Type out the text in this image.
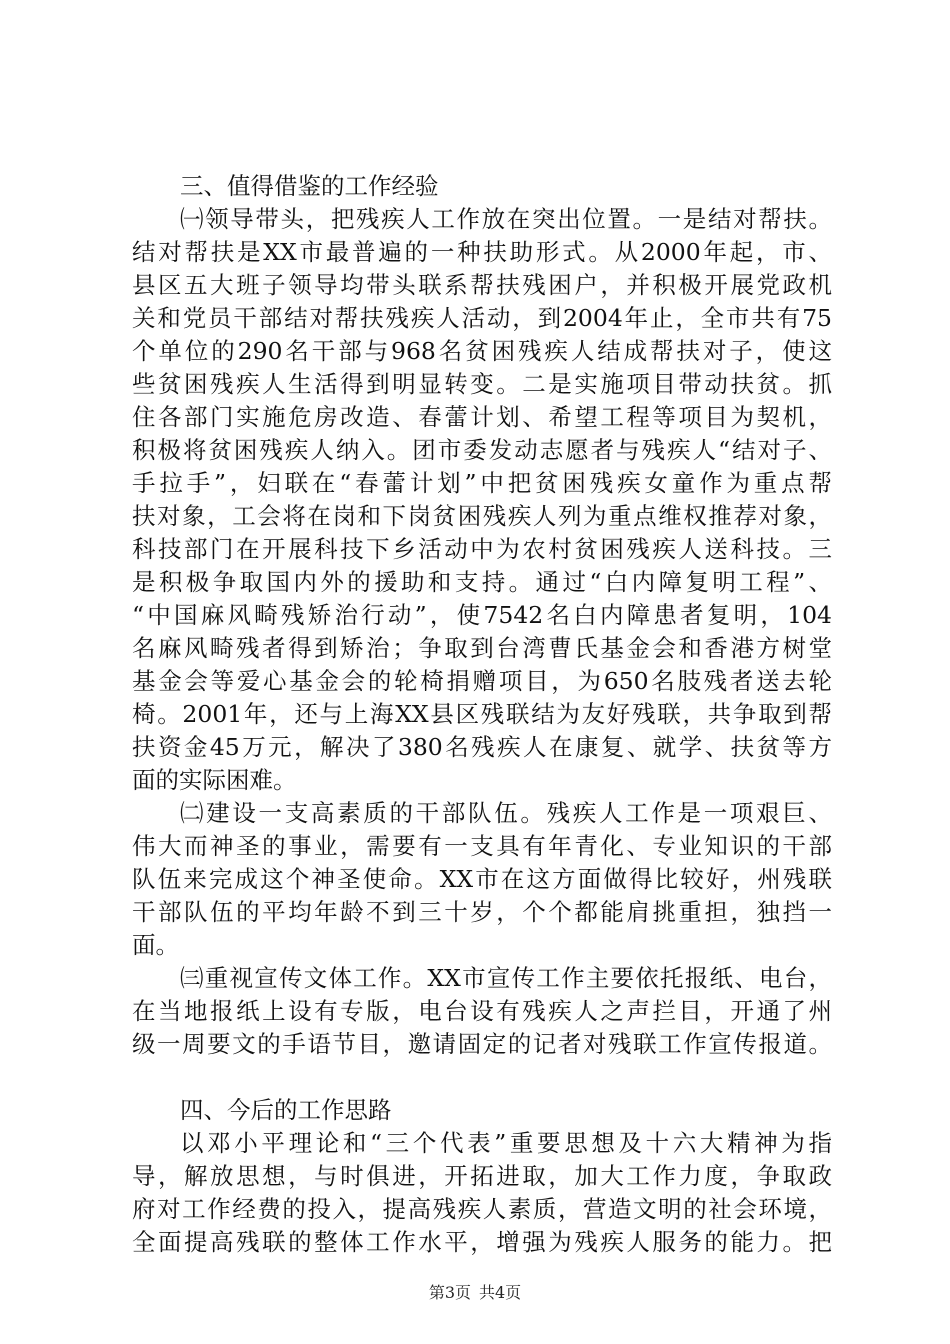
三、值得借鉴的工作经验
㈠领导带头，把残疾人工作放在突出位置。一是结对帮扶。
结对帮扶是XX市最普遍的一种扶助形式。从2000年起，市、
县区五大班子领导均带头联系帮扶残困户，并积极开展党政机
关和党员干部结对帮扶残疾人活动，到2004年止，全市共有75
个单位的290名干部与968名贫困残疾人结成帮扶对子，使这
些贫困残疾人生活得到明显转变。二是实施项目带动扶贫。抓
住各部门实施危房改造、春蕾计划、希望工程等项目为契机，
积极将贫困残疾人纳入。团市委发动志愿者与残疾人“结对子、
手拉手”，妇联在“春蕾计划”中把贫困残疾女童作为重点帮
扶对象，工会将在岗和下岗贫困残疾人列为重点维权推荐对象，
科技部门在开展科技下乡活动中为农村贫困残疾人送科技。三
是积极争取国内外的援助和支持。通过“白内障复明工程”、
“中国麻风畸残矫治行动”，使7542名白内障患者复明，104
名麻风畸残者得到矫治；争取到台湾曹氏基金会和香港方树堂
基金会等爱心基金会的轮椅捐赠项目，为650名肢残者送去轮
椅。2001年，还与上海XX县区残联结为友好残联，共争取到帮
扶资金45万元，解决了380名残疾人在康复、就学、扶贫等方
面的实际困难。
㈡建设一支高素质的干部队伍。残疾人工作是一项艰巨、
伟大而神圣的事业，需要有一支具有年青化、专业知识的干部
队伍来完成这个神圣使命。XX市在这方面做得比较好，州残联
干部队伍的平均年龄不到三十岁，个个都能肩挑重担，独挡一
面。
㈢重视宣传文体工作。XX市宣传工作主要依托报纸、电台，
在当地报纸上设有专版，电台设有残疾人之声拦目，开通了州
级一周要文的手语节目，邀请固定的记者对残联工作宣传报道。
四、今后的工作思路
以邓小平理论和“三个代表”重要思想及十六大精神为指
导，解放思想，与时俱进，开拓进取，加大工作力度，争取政
府对工作经费的投入，提高残疾人素质，营造文明的社会环境，
全面提高残联的整体工作水平，增强为残疾人服务的能力。把
第3页 共4页
